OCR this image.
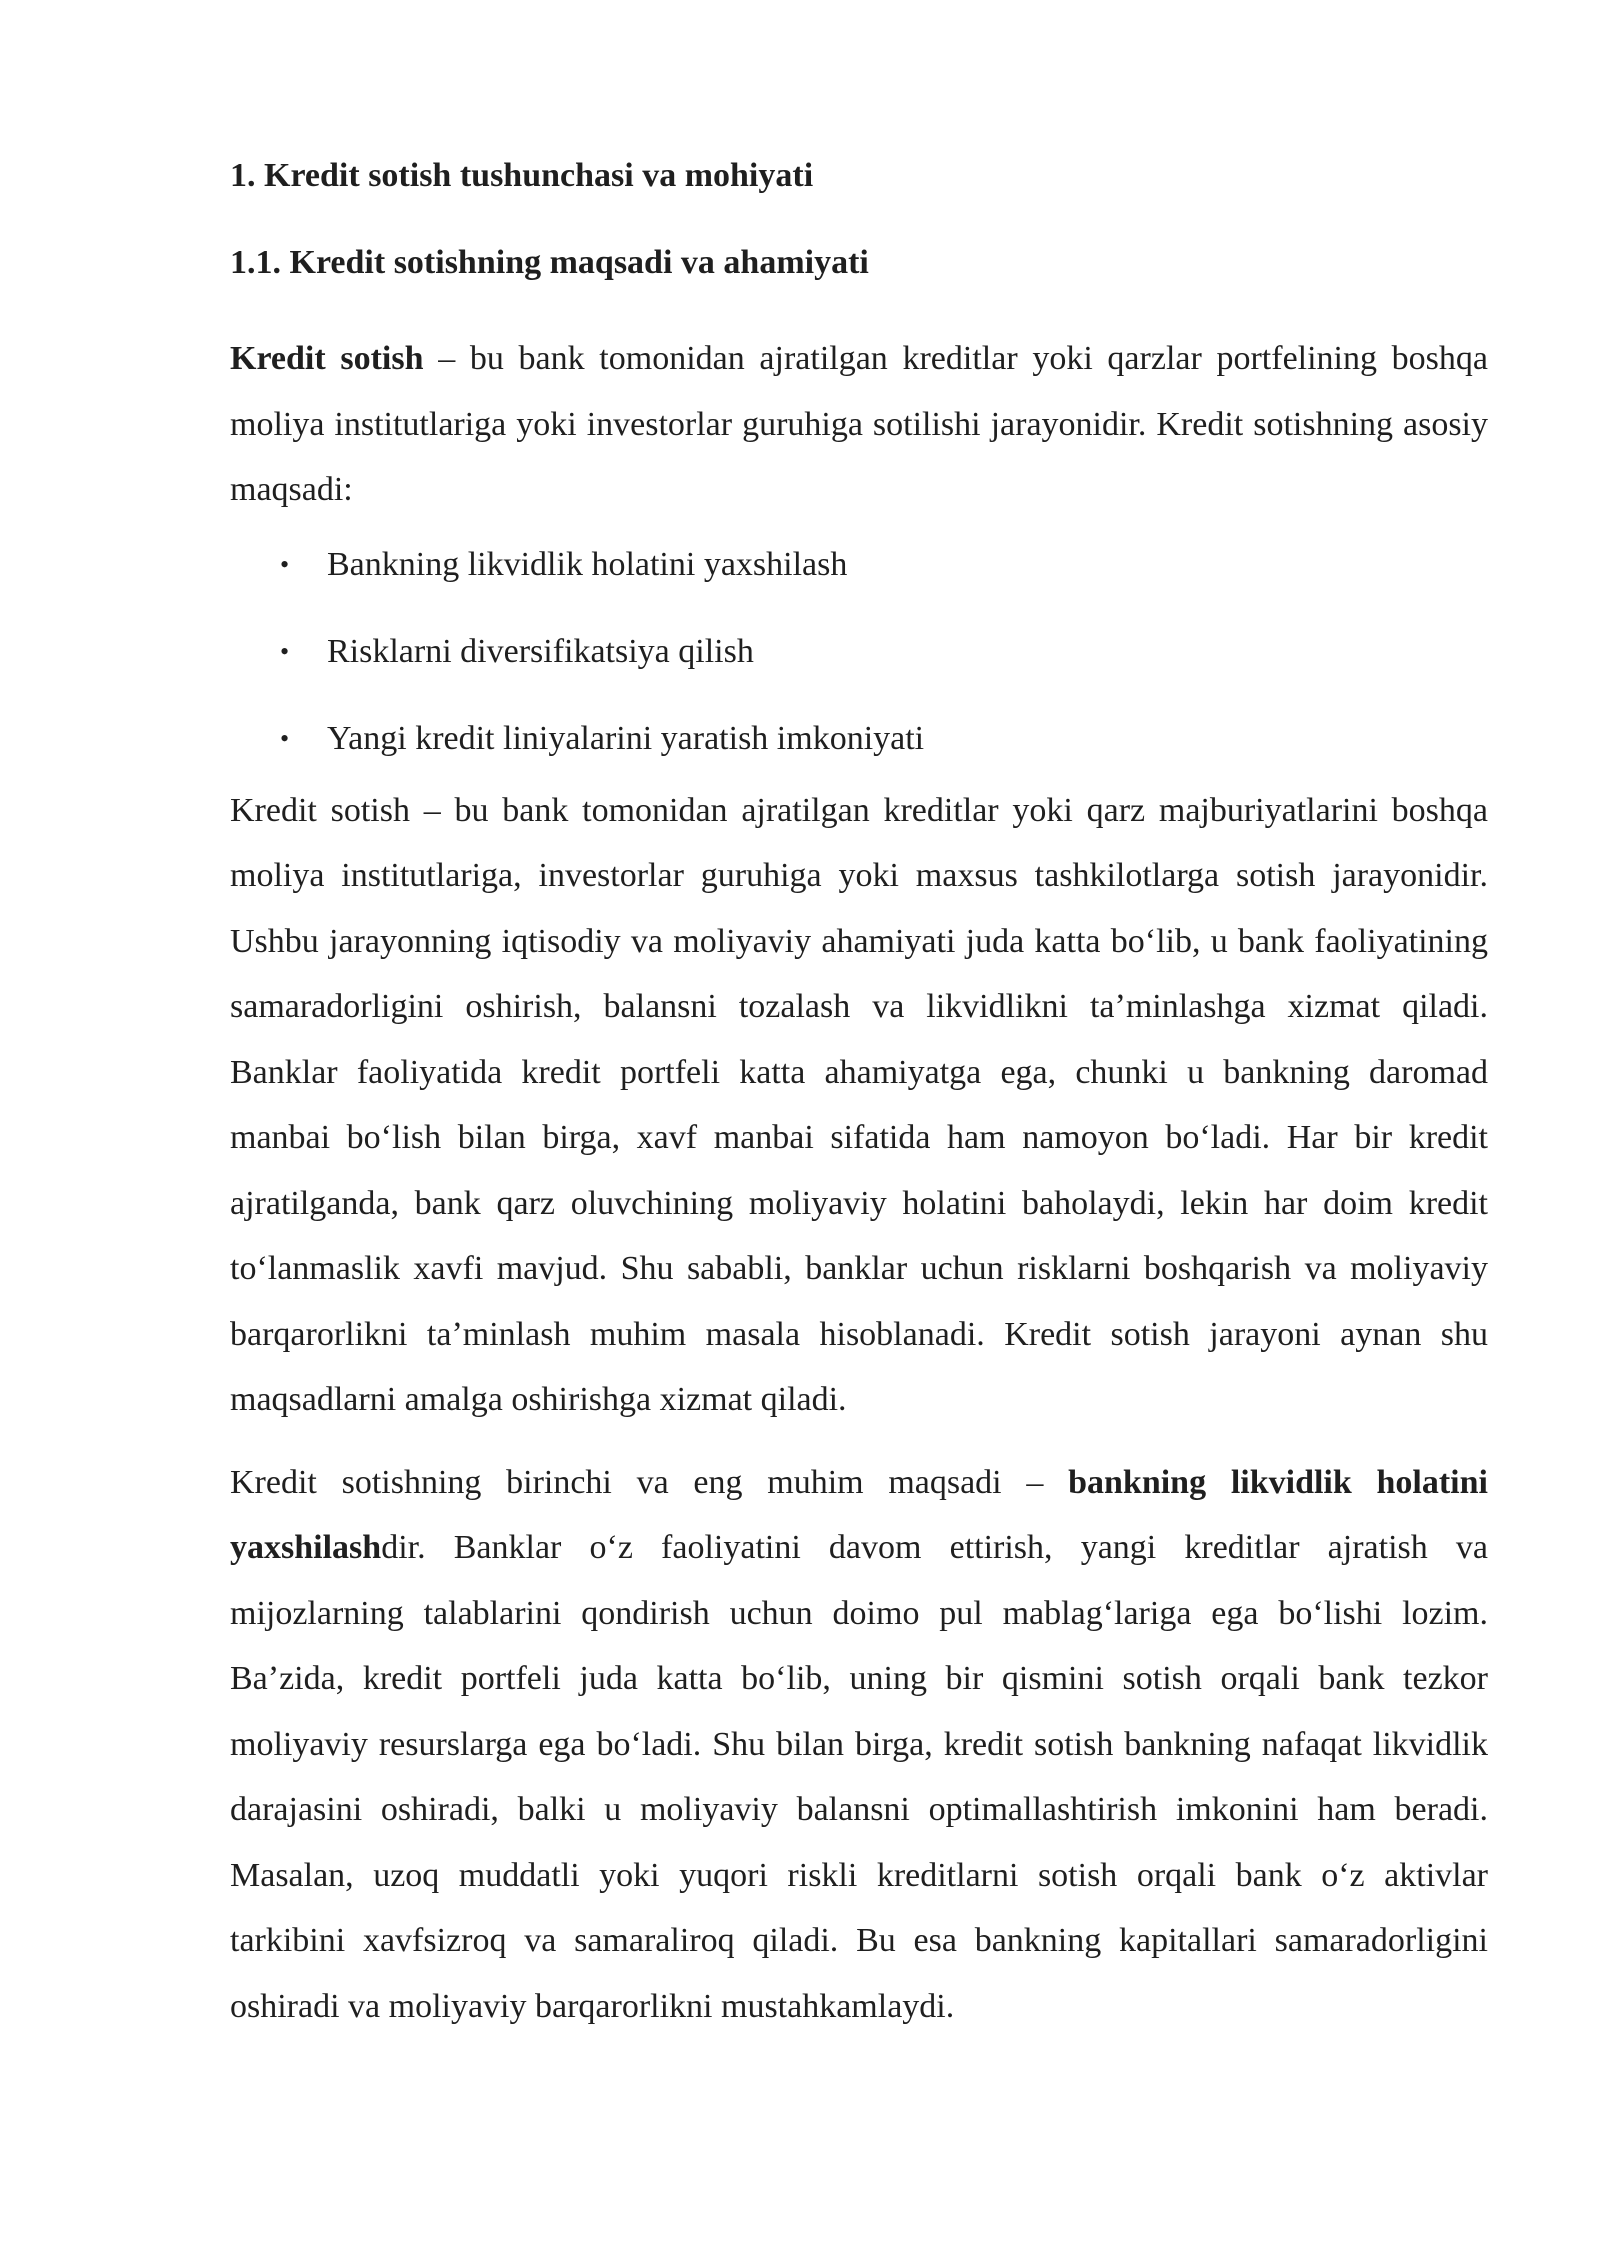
1. Kredit sotish tushunchasi va mohiyati
1.1. Kredit sotishning maqsadi va ahamiyati

Kredit sotish – bu bank tomonidan ajratilgan kreditlar yoki qarzlar portfelining boshqa moliya institutlariga yoki investorlar guruhiga sotilishi jarayonidir. Kredit sotishning asosiy maqsadi:

• Bankning likvidlik holatini yaxshilash
• Risklarni diversifikatsiya qilish
• Yangi kredit liniyalarini yaratish imkoniyati

Kredit sotish – bu bank tomonidan ajratilgan kreditlar yoki qarz majburiyatlarini boshqa moliya institutlariga, investorlar guruhiga yoki maxsus tashkilotlarga sotish jarayonidir. Ushbu jarayonning iqtisodiy va moliyaviy ahamiyati juda katta boʻlib, u bank faoliyatining samaradorligini oshirish, balansni tozalash va likvidlikni taʼminlashga xizmat qiladi. Banklar faoliyatida kredit portfeli katta ahamiyatga ega, chunki u bankning daromad manbai boʻlish bilan birga, xavf manbai sifatida ham namoyon boʻladi. Har bir kredit ajratilganda, bank qarz oluvchining moliyaviy holatini baholaydi, lekin har doim kredit toʻlanmaslik xavfi mavjud. Shu sababli, banklar uchun risklarni boshqarish va moliyaviy barqarorlikni taʼminlash muhim masala hisoblanadi. Kredit sotish jarayoni aynan shu maqsadlarni amalga oshirishga xizmat qiladi.

Kredit sotishning birinchi va eng muhim maqsadi – bankning likvidlik holatini yaxshilashdir. Banklar oʻz faoliyatini davom ettirish, yangi kreditlar ajratish va mijozlarning talablarini qondirish uchun doimo pul mablagʻlariga ega boʻlishi lozim. Baʼzida, kredit portfeli juda katta boʻlib, uning bir qismini sotish orqali bank tezkor moliyaviy resurslarga ega boʻladi. Shu bilan birga, kredit sotish bankning nafaqat likvidlik darajasini oshiradi, balki u moliyaviy balansni optimallashtirish imkonini ham beradi. Masalan, uzoq muddatli yoki yuqori riskli kreditlarni sotish orqali bank oʻz aktivlar tarkibini xavfsizroq va samaraliroq qiladi. Bu esa bankning kapitallari samaradorligini oshiradi va moliyaviy barqarorlikni mustahkamlaydi.
